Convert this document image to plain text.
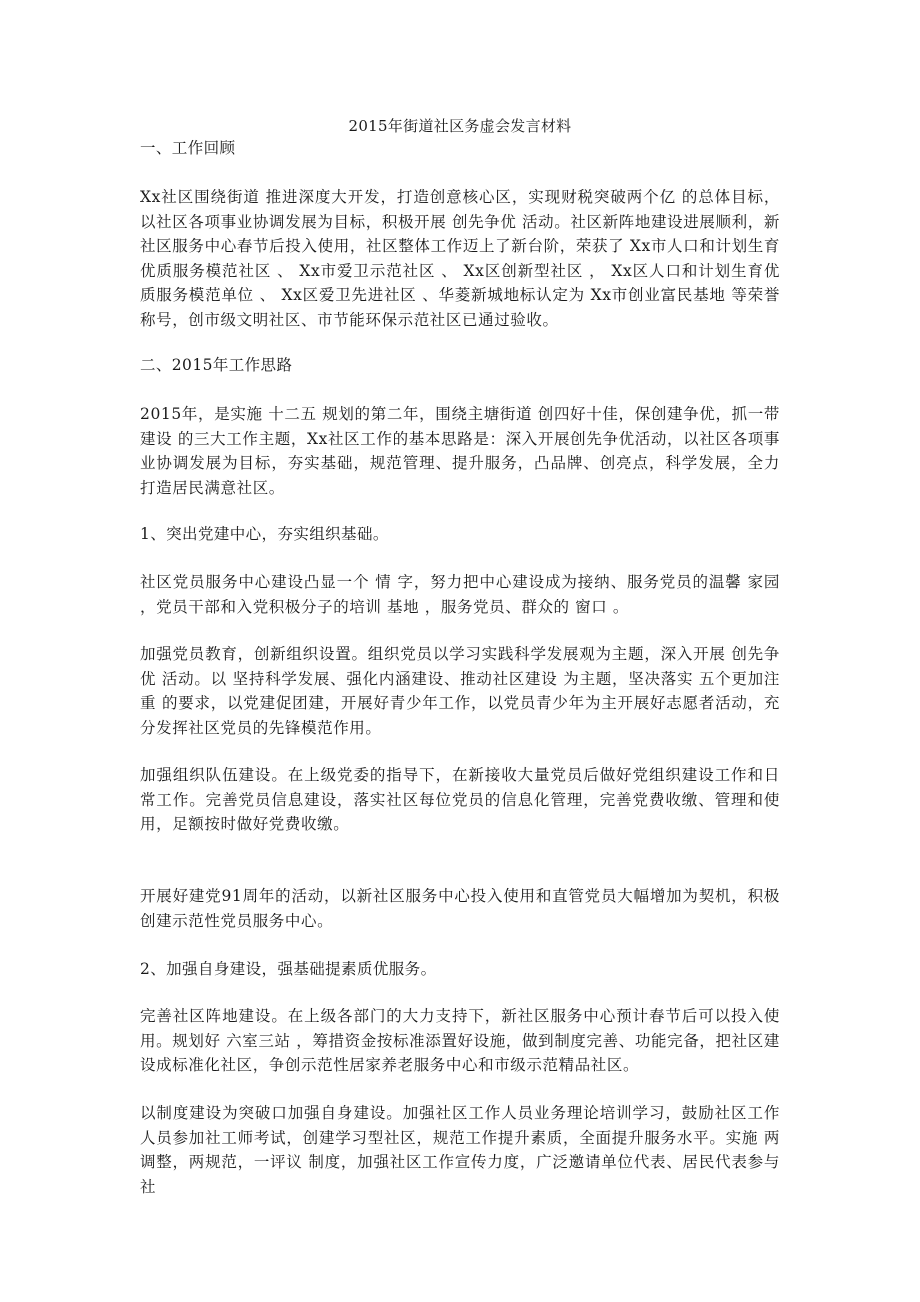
2015年街道社区务虚会发言材料
一、工作回顾
Xx社区围绕街道 推进深度大开发，打造创意核心区，实现财税突破两个亿 的总体目标，以社区各项事业协调发展为目标，积极开展 创先争优 活动。社区新阵地建设进展顺利，新社区服务中心春节后投入使用，社区整体工作迈上了新台阶，荣获了 Xx市人口和计划生育优质服务模范社区 、 Xx市爱卫示范社区 、 Xx区创新型社区 ， Xx区人口和计划生育优质服务模范单位 、 Xx区爱卫先进社区 、华菱新城地标认定为 Xx市创业富民基地 等荣誉称号，创市级文明社区、市节能环保示范社区已通过验收。
二、2015年工作思路
2015年，是实施 十二五 规划的第二年，围绕主塘街道 创四好十佳，保创建争优，抓一带建设 的三大工作主题，Xx社区工作的基本思路是：深入开展创先争优活动，以社区各项事业协调发展为目标，夯实基础，规范管理、提升服务，凸品牌、创亮点，科学发展，全力打造居民满意社区。
1、突出党建中心，夯实组织基础。
社区党员服务中心建设凸显一个 情 字，努力把中心建设成为接纳、服务党员的温馨 家园 ，党员干部和入党积极分子的培训 基地 ，服务党员、群众的 窗口 。
加强党员教育，创新组织设置。组织党员以学习实践科学发展观为主题，深入开展 创先争优 活动。以 坚持科学发展、强化内涵建设、推动社区建设 为主题，坚决落实 五个更加注重 的要求，以党建促团建，开展好青少年工作，以党员青少年为主开展好志愿者活动，充分发挥社区党员的先锋模范作用。
加强组织队伍建设。在上级党委的指导下，在新接收大量党员后做好党组织建设工作和日常工作。完善党员信息建设，落实社区每位党员的信息化管理，完善党费收缴、管理和使用，足额按时做好党费收缴。
开展好建党91周年的活动，以新社区服务中心投入使用和直管党员大幅增加为契机，积极创建示范性党员服务中心。
2、加强自身建设，强基础提素质优服务。
完善社区阵地建设。在上级各部门的大力支持下，新社区服务中心预计春节后可以投入使用。规划好 六室三站 ，筹措资金按标准添置好设施，做到制度完善、功能完备，把社区建设成标准化社区，争创示范性居家养老服务中心和市级示范精品社区。
以制度建设为突破口加强自身建设。加强社区工作人员业务理论培训学习，鼓励社区工作人员参加社工师考试，创建学习型社区，规范工作提升素质，全面提升服务水平。实施 两调整，两规范，一评议 制度，加强社区工作宣传力度，广泛邀请单位代表、居民代表参与社
